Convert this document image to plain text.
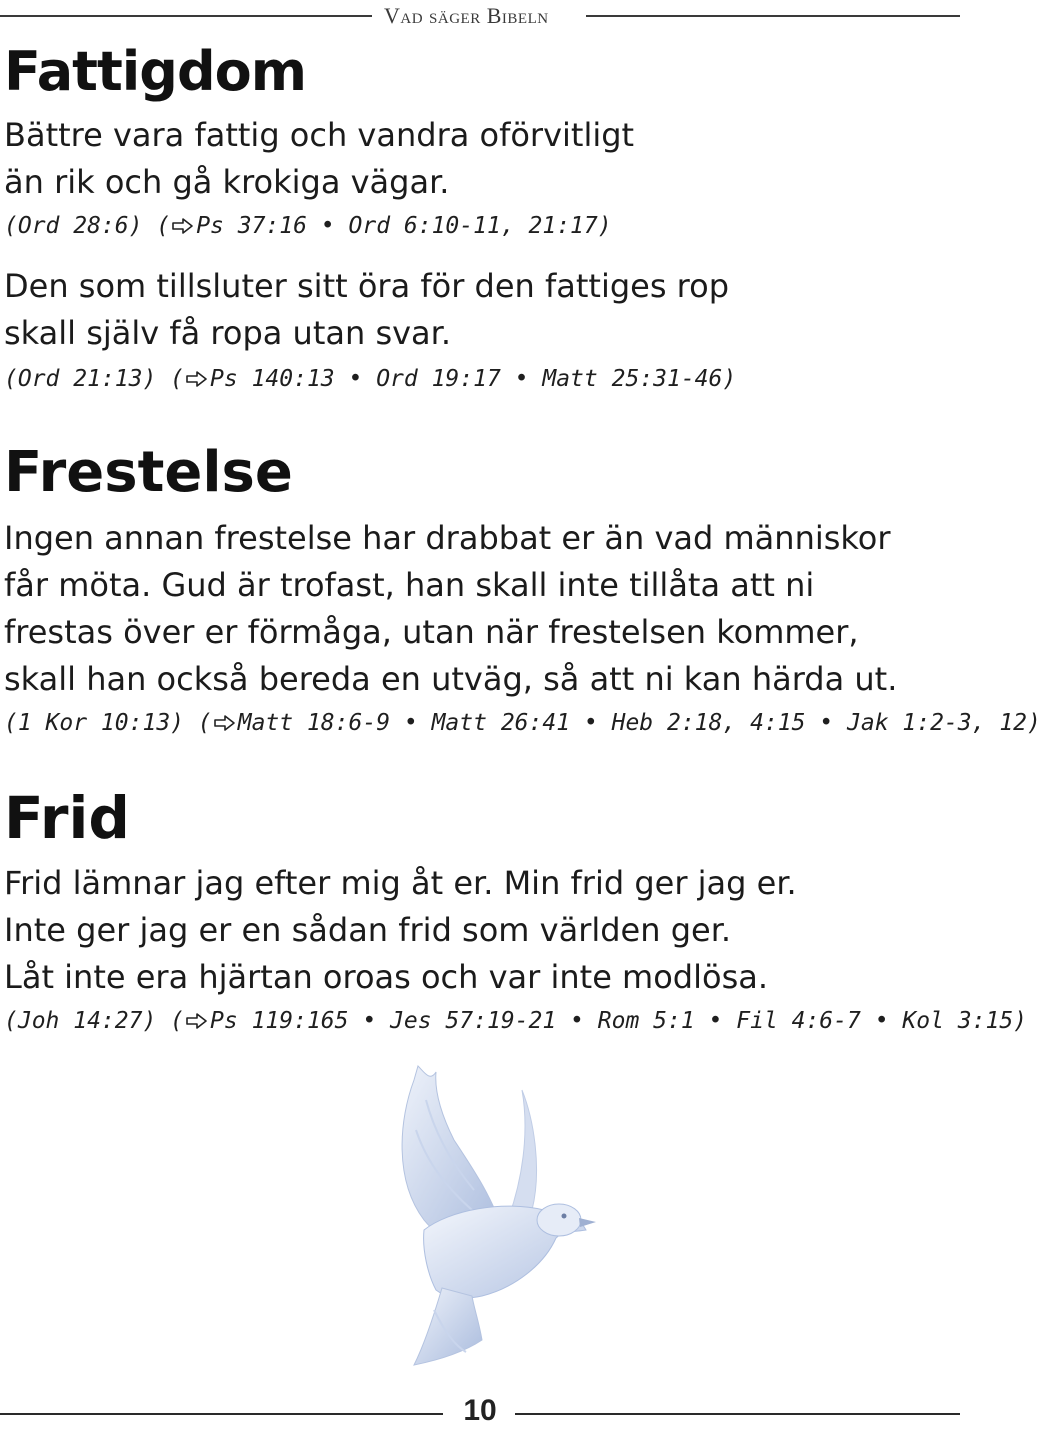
Vad säger Bibeln
Fattigdom
Bättre vara fattig och vandra oförvitligt
än rik och gå krokiga vägar.
(Ord 28:6) ( Ps 37:16 • Ord 6:10-11, 21:17)
Den som tillsluter sitt öra för den fattiges rop
skall själv få ropa utan svar.
(Ord 21:13) ( Ps 140:13 • Ord 19:17 • Matt 25:31-46)
Frestelse
Ingen annan frestelse har drabbat er än vad människor
får möta. Gud är trofast, han skall inte tillåta att ni
frestas över er förmåga, utan när frestelsen kommer,
skall han också bereda en utväg, så att ni kan härda ut.
(1 Kor 10:13) ( Matt 18:6-9 • Matt 26:41 • Heb 2:18, 4:15 • Jak 1:2-3, 12)
Frid
Frid lämnar jag efter mig åt er. Min frid ger jag er.
Inte ger jag er en sådan frid som världen ger.
Låt inte era hjärtan oroas och var inte modlösa.
(Joh 14:27) ( Ps 119:165 • Jes 57:19-21 • Rom 5:1 • Fil 4:6-7 • Kol 3:15)
10
